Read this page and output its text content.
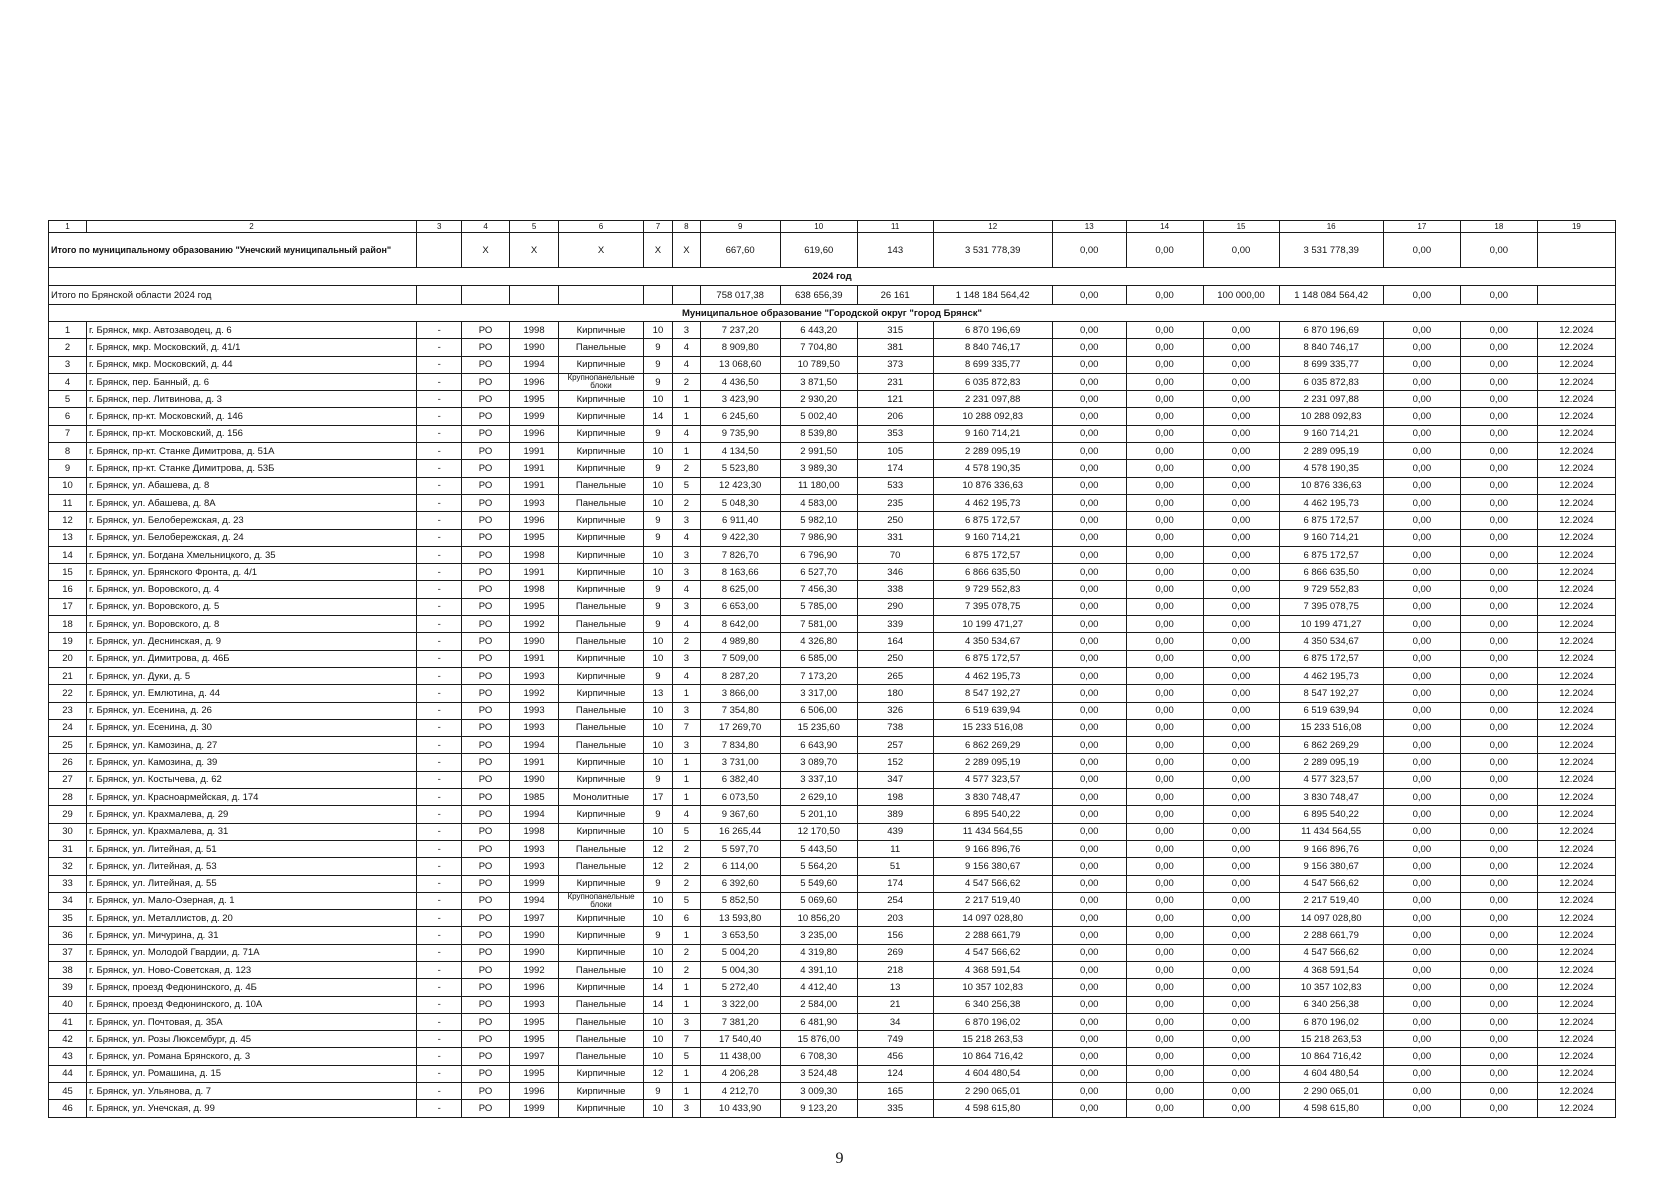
1	2	3	4	5	6	7	8	9	10	11	12	13	14	15	16	17	18	19
Итого по муниципальному образованию "Унечский муниципальный район"			X	X	X	X	X	667,60	619,60	143	3 531 778,39	0,00	0,00	0,00	3 531 778,39	0,00	0,00	
2024 год																		
Итого по Брянской области 2024 год								758 017,38	638 656,39	26 161	1 148 184 564,42	0,00	0,00	100 000,00	1 148 084 564,42	0,00	0,00	
Муниципальное образование "Городской округ "город Брянск"																		
1	г. Брянск, мкр. Автозаводец, д. 6	-	РО	1998	Кирпичные	10	3	7 237,20	6 443,20	315	6 870 196,69	0,00	0,00	0,00	6 870 196,69	0,00	0,00	12.2024
2	г. Брянск, мкр. Московский, д. 41/1	-	РО	1990	Панельные	9	4	8 909,80	7 704,80	381	8 840 746,17	0,00	0,00	0,00	8 840 746,17	0,00	0,00	12.2024
3	г. Брянск, мкр. Московский, д. 44	-	РО	1994	Кирпичные	9	4	13 068,60	10 789,50	373	8 699 335,77	0,00	0,00	0,00	8 699 335,77	0,00	0,00	12.2024
4	г. Брянск, пер. Банный, д. 6	-	РО	1996	Крупнопанельные блоки	9	2	4 436,50	3 871,50	231	6 035 872,83	0,00	0,00	0,00	6 035 872,83	0,00	0,00	12.2024
5	г. Брянск, пер. Литвинова, д. 3	-	РО	1995	Кирпичные	10	1	3 423,90	2 930,20	121	2 231 097,88	0,00	0,00	0,00	2 231 097,88	0,00	0,00	12.2024
6	г. Брянск, пр-кт. Московский, д. 146	-	РО	1999	Кирпичные	14	1	6 245,60	5 002,40	206	10 288 092,83	0,00	0,00	0,00	10 288 092,83	0,00	0,00	12.2024
7	г. Брянск, пр-кт. Московский, д. 156	-	РО	1996	Кирпичные	9	4	9 735,90	8 539,80	353	9 160 714,21	0,00	0,00	0,00	9 160 714,21	0,00	0,00	12.2024
8	г. Брянск, пр-кт. Станке Димитрова, д. 51А	-	РО	1991	Кирпичные	10	1	4 134,50	2 991,50	105	2 289 095,19	0,00	0,00	0,00	2 289 095,19	0,00	0,00	12.2024
9	г. Брянск, пр-кт. Станке Димитрова, д. 53Б	-	РО	1991	Кирпичные	9	2	5 523,80	3 989,30	174	4 578 190,35	0,00	0,00	0,00	4 578 190,35	0,00	0,00	12.2024
10	г. Брянск, ул. Абашева, д. 8	-	РО	1991	Панельные	10	5	12 423,30	11 180,00	533	10 876 336,63	0,00	0,00	0,00	10 876 336,63	0,00	0,00	12.2024
11	г. Брянск, ул. Абашева, д. 8А	-	РО	1993	Панельные	10	2	5 048,30	4 583,00	235	4 462 195,73	0,00	0,00	0,00	4 462 195,73	0,00	0,00	12.2024
12	г. Брянск, ул. Белобережская, д. 23	-	РО	1996	Кирпичные	9	3	6 911,40	5 982,10	250	6 875 172,57	0,00	0,00	0,00	6 875 172,57	0,00	0,00	12.2024
13	г. Брянск, ул. Белобережская, д. 24	-	РО	1995	Кирпичные	9	4	9 422,30	7 986,90	331	9 160 714,21	0,00	0,00	0,00	9 160 714,21	0,00	0,00	12.2024
14	г. Брянск, ул. Богдана Хмельницкого, д. 35	-	РО	1998	Кирпичные	10	3	7 826,70	6 796,90	70	6 875 172,57	0,00	0,00	0,00	6 875 172,57	0,00	0,00	12.2024
15	г. Брянск, ул. Брянского Фронта, д. 4/1	-	РО	1991	Кирпичные	10	3	8 163,66	6 527,70	346	6 866 635,50	0,00	0,00	0,00	6 866 635,50	0,00	0,00	12.2024
16	г. Брянск, ул. Воровского, д. 4	-	РО	1998	Кирпичные	9	4	8 625,00	7 456,30	338	9 729 552,83	0,00	0,00	0,00	9 729 552,83	0,00	0,00	12.2024
17	г. Брянск, ул. Воровского, д. 5	-	РО	1995	Панельные	9	3	6 653,00	5 785,00	290	7 395 078,75	0,00	0,00	0,00	7 395 078,75	0,00	0,00	12.2024
18	г. Брянск, ул. Воровского, д. 8	-	РО	1992	Панельные	9	4	8 642,00	7 581,00	339	10 199 471,27	0,00	0,00	0,00	10 199 471,27	0,00	0,00	12.2024
19	г. Брянск, ул. Деснинская, д. 9	-	РО	1990	Панельные	10	2	4 989,80	4 326,80	164	4 350 534,67	0,00	0,00	0,00	4 350 534,67	0,00	0,00	12.2024
20	г. Брянск, ул. Димитрова, д. 46Б	-	РО	1991	Кирпичные	10	3	7 509,00	6 585,00	250	6 875 172,57	0,00	0,00	0,00	6 875 172,57	0,00	0,00	12.2024
21	г. Брянск, ул. Дуки, д. 5	-	РО	1993	Кирпичные	9	4	8 287,20	7 173,20	265	4 462 195,73	0,00	0,00	0,00	4 462 195,73	0,00	0,00	12.2024
22	г. Брянск, ул. Емлютина, д. 44	-	РО	1992	Кирпичные	13	1	3 866,00	3 317,00	180	8 547 192,27	0,00	0,00	0,00	8 547 192,27	0,00	0,00	12.2024
23	г. Брянск, ул. Есенина, д. 26	-	РО	1993	Панельные	10	3	7 354,80	6 506,00	326	6 519 639,94	0,00	0,00	0,00	6 519 639,94	0,00	0,00	12.2024
24	г. Брянск, ул. Есенина, д. 30	-	РО	1993	Панельные	10	7	17 269,70	15 235,60	738	15 233 516,08	0,00	0,00	0,00	15 233 516,08	0,00	0,00	12.2024
25	г. Брянск, ул. Камозина, д. 27	-	РО	1994	Панельные	10	3	7 834,80	6 643,90	257	6 862 269,29	0,00	0,00	0,00	6 862 269,29	0,00	0,00	12.2024
26	г. Брянск, ул. Камозина, д. 39	-	РО	1991	Кирпичные	10	1	3 731,00	3 089,70	152	2 289 095,19	0,00	0,00	0,00	2 289 095,19	0,00	0,00	12.2024
27	г. Брянск, ул. Костычева, д. 62	-	РО	1990	Кирпичные	9	1	6 382,40	3 337,10	347	4 577 323,57	0,00	0,00	0,00	4 577 323,57	0,00	0,00	12.2024
28	г. Брянск, ул. Красноармейская, д. 174	-	РО	1985	Монолитные	17	1	6 073,50	2 629,10	198	3 830 748,47	0,00	0,00	0,00	3 830 748,47	0,00	0,00	12.2024
29	г. Брянск, ул. Крахмалева, д. 29	-	РО	1994	Кирпичные	9	4	9 367,60	5 201,10	389	6 895 540,22	0,00	0,00	0,00	6 895 540,22	0,00	0,00	12.2024
30	г. Брянск, ул. Крахмалева, д. 31	-	РО	1998	Кирпичные	10	5	16 265,44	12 170,50	439	11 434 564,55	0,00	0,00	0,00	11 434 564,55	0,00	0,00	12.2024
31	г. Брянск, ул. Литейная, д. 51	-	РО	1993	Панельные	12	2	5 597,70	5 443,50	11	9 166 896,76	0,00	0,00	0,00	9 166 896,76	0,00	0,00	12.2024
32	г. Брянск, ул. Литейная, д. 53	-	РО	1993	Панельные	12	2	6 114,00	5 564,20	51	9 156 380,67	0,00	0,00	0,00	9 156 380,67	0,00	0,00	12.2024
33	г. Брянск, ул. Литейная, д. 55	-	РО	1999	Кирпичные	9	2	6 392,60	5 549,60	174	4 547 566,62	0,00	0,00	0,00	4 547 566,62	0,00	0,00	12.2024
34	г. Брянск, ул. Мало-Озерная, д. 1	-	РО	1994	Крупнопанельные блоки	10	5	5 852,50	5 069,60	254	2 217 519,40	0,00	0,00	0,00	2 217 519,40	0,00	0,00	12.2024
35	г. Брянск, ул. Металлистов, д. 20	-	РО	1997	Кирпичные	10	6	13 593,80	10 856,20	203	14 097 028,80	0,00	0,00	0,00	14 097 028,80	0,00	0,00	12.2024
36	г. Брянск, ул. Мичурина, д. 31	-	РО	1990	Кирпичные	9	1	3 653,50	3 235,00	156	2 288 661,79	0,00	0,00	0,00	2 288 661,79	0,00	0,00	12.2024
37	г. Брянск, ул. Молодой Гвардии, д. 71А	-	РО	1990	Кирпичные	10	2	5 004,20	4 319,80	269	4 547 566,62	0,00	0,00	0,00	4 547 566,62	0,00	0,00	12.2024
38	г. Брянск, ул. Ново-Советская, д. 123	-	РО	1992	Панельные	10	2	5 004,30	4 391,10	218	4 368 591,54	0,00	0,00	0,00	4 368 591,54	0,00	0,00	12.2024
39	г. Брянск, проезд Федюнинского, д. 4Б	-	РО	1996	Кирпичные	14	1	5 272,40	4 412,40	13	10 357 102,83	0,00	0,00	0,00	10 357 102,83	0,00	0,00	12.2024
40	г. Брянск, проезд Федюнинского, д. 10А	-	РО	1993	Панельные	14	1	3 322,00	2 584,00	21	6 340 256,38	0,00	0,00	0,00	6 340 256,38	0,00	0,00	12.2024
41	г. Брянск, ул. Почтовая, д. 35А	-	РО	1995	Панельные	10	3	7 381,20	6 481,90	34	6 870 196,02	0,00	0,00	0,00	6 870 196,02	0,00	0,00	12.2024
42	г. Брянск, ул. Розы Люксембург, д. 45	-	РО	1995	Панельные	10	7	17 540,40	15 876,00	749	15 218 263,53	0,00	0,00	0,00	15 218 263,53	0,00	0,00	12.2024
43	г. Брянск, ул. Романа Брянского, д. 3	-	РО	1997	Панельные	10	5	11 438,00	6 708,30	456	10 864 716,42	0,00	0,00	0,00	10 864 716,42	0,00	0,00	12.2024
44	г. Брянск, ул. Ромашина, д. 15	-	РО	1995	Кирпичные	12	1	4 206,28	3 524,48	124	4 604 480,54	0,00	0,00	0,00	4 604 480,54	0,00	0,00	12.2024
45	г. Брянск, ул. Ульянова, д. 7	-	РО	1996	Кирпичные	9	1	4 212,70	3 009,30	165	2 290 065,01	0,00	0,00	0,00	2 290 065,01	0,00	0,00	12.2024
46	г. Брянск, ул. Унечская, д. 99	-	РО	1999	Кирпичные	10	3	10 433,90	9 123,20	335	4 598 615,80	0,00	0,00	0,00	4 598 615,80	0,00	0,00	12.2024
9
